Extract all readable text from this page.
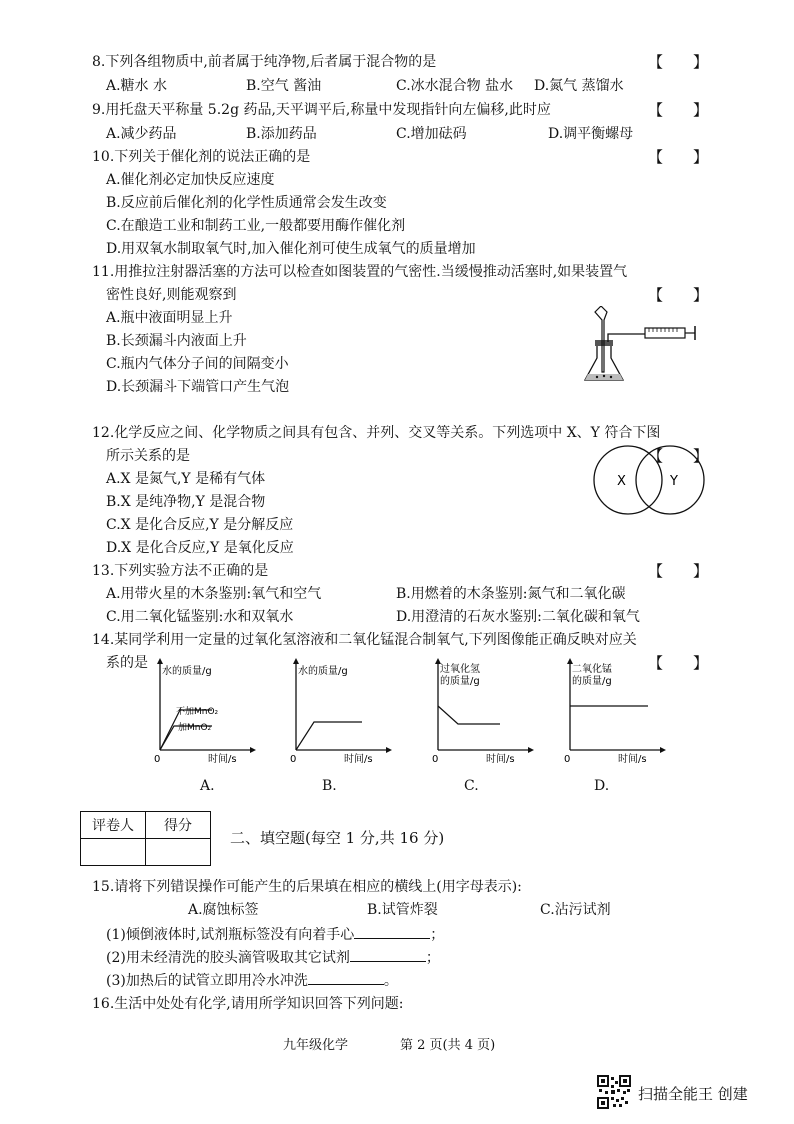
8.下列各组物质中,前者属于纯净物,后者属于混合物的是	【　　】
A.糖水 水	B.空气 酱油	C.冰水混合物 盐水 D.氮气 蒸馏水
9.用托盘天平称量 5.2g 药品,天平调平后,称量中发现指针向左偏移,此时应	【　　】
A.减少药品	B.添加药品	C.增加砝码	D.调平衡螺母
10.下列关于催化剂的说法正确的是	【　　】
A.催化剂必定加快反应速度
B.反应前后催化剂的化学性质通常会发生改变
C.在酿造工业和制药工业,一般都要用酶作催化剂
D.用双氧水制取氧气时,加入催化剂可使生成氧气的质量增加
11.用推拉注射器活塞的方法可以检查如图装置的气密性.当缓慢推动活塞时,如果装置气
密性良好,则能观察到	【　　】
A.瓶中液面明显上升
B.长颈漏斗内液面上升
C.瓶内气体分子间的间隔变小
D.长颈漏斗下端管口产生气泡
12.化学反应之间、化学物质之间具有包含、并列、交叉等关系。下列选项中 X、Y 符合下图
所示关系的是	【　　】
A.X 是氮气,Y 是稀有气体
B.X 是纯净物,Y 是混合物
C.X 是化合反应,Y 是分解反应
D.X 是化合反应,Y 是氧化反应
X	Y
13.下列实验方法不正确的是	【　　】
A.用带火星的木条鉴别:氧气和空气	B.用燃着的木条鉴别:氮气和二氧化碳
C.用二氧化锰鉴别:水和双氧水	D.用澄清的石灰水鉴别:二氧化碳和氧气
14.某同学利用一定量的过氧化氢溶液和二氧化锰混合制氧气,下列图像能正确反映对应关
系的是	【　　】
水的质量/g
时间/s
0
不加MnO₂
加MnO₂
A.
水的质量/g
时间/s
0
B.
过氧化氢
的质量/g
时间/s
0
C.
二氧化锰
的质量/g
时间/s
0
D.
评卷人	得分

二、填空题(每空 1 分,共 16 分)
15.请将下列错误操作可能产生的后果填在相应的横线上(用字母表示):
A.腐蚀标签	B.试管炸裂	C.沾污试剂
(1)倾倒液体时,试剂瓶标签没有向着手心	；
(2)用未经清洗的胶头滴管吸取其它试剂	；
(3)加热后的试管立即用冷水冲洗	。
16.生活中处处有化学,请用所学知识回答下列问题:
九年级化学	第 2 页(共 4 页)
扫描全能王 创建
